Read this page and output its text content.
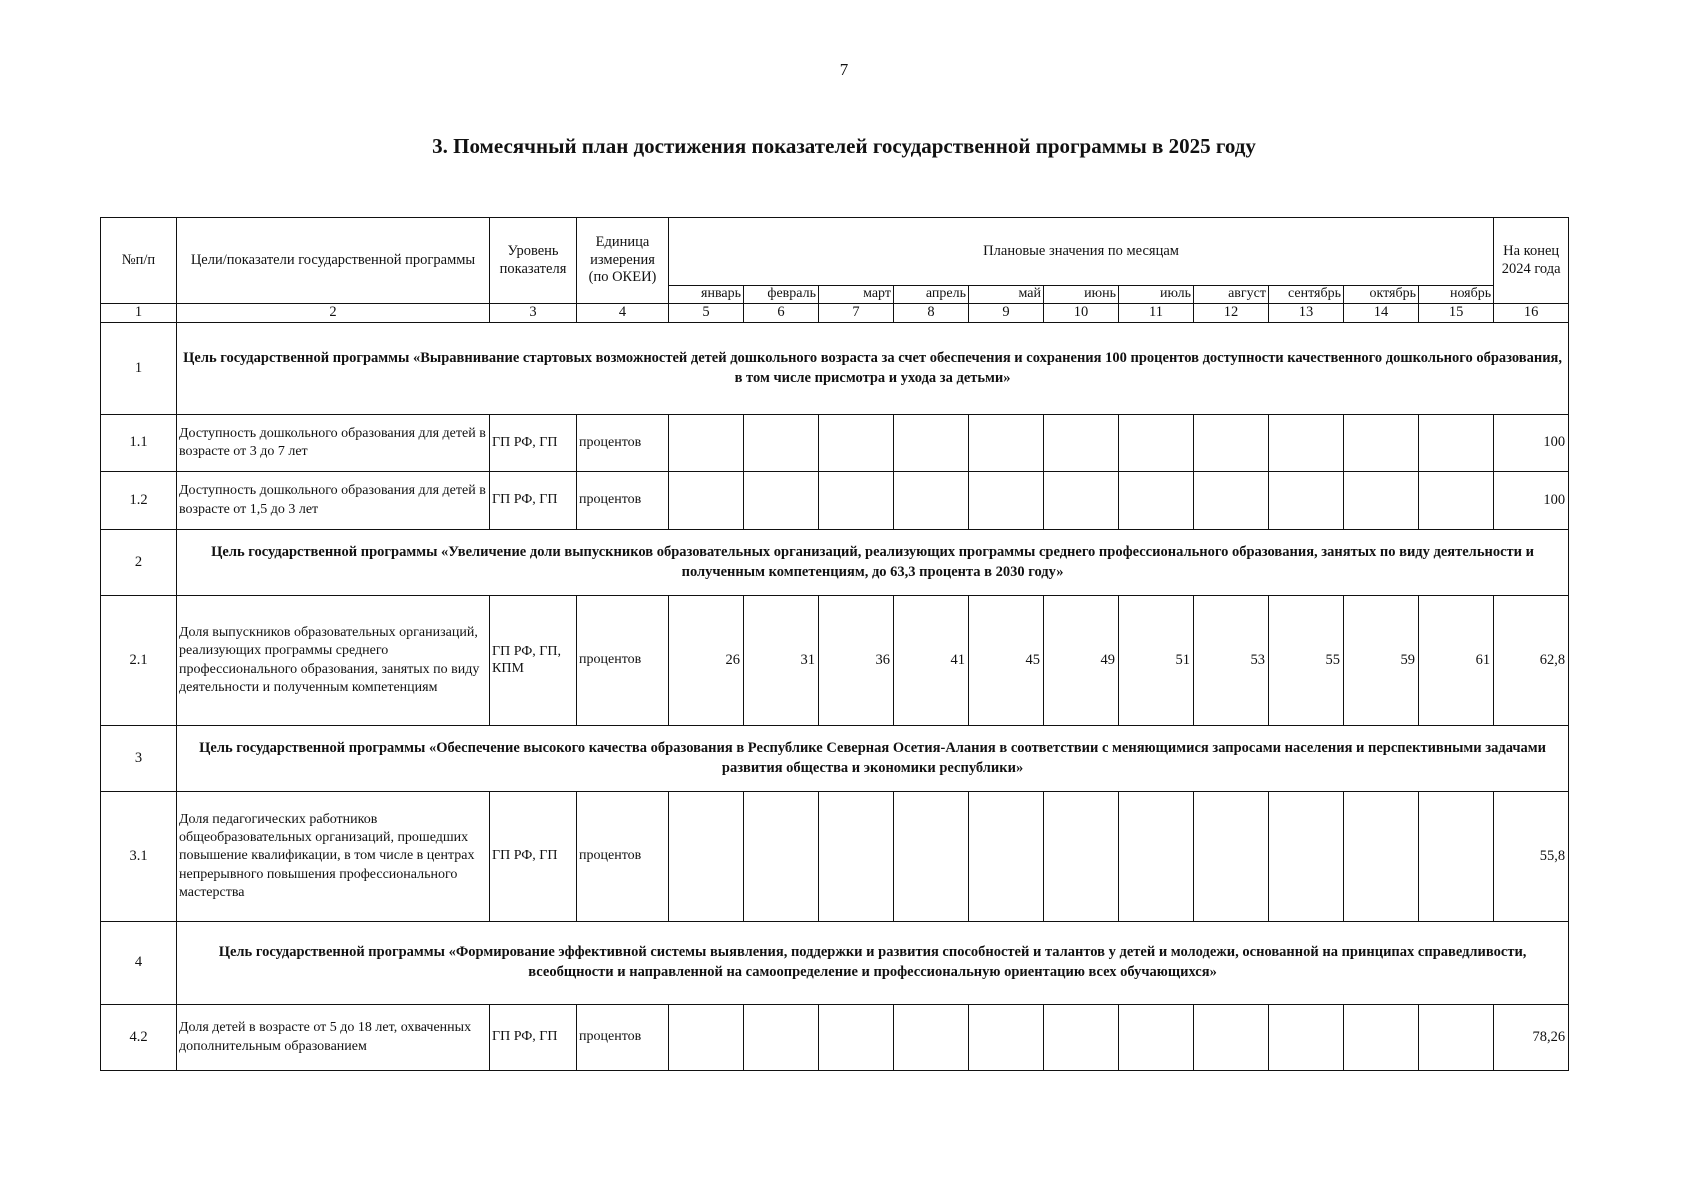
7
3. Помесячный план достижения показателей государственной программы в 2025 году
№п/п	Цели/показатели государственной программы	Уровень показателя	Единица измерения (по ОКЕИ)	Плановые значения по месяцам											На конец 2024 года
				январь	февраль	март	апрель	май	июнь	июль	август	сентябрь	октябрь	ноябрь	
1	2	3	4	5	6	7	8	9	10	11	12	13	14	15	16
1	Цель государственной программы «Выравнивание стартовых возможностей детей дошкольного возраста за счет обеспечения и сохранения 100 процентов доступности качественного дошкольного образования, в том числе присмотра и ухода за детьми»														
1.1	Доступность дошкольного образования для детей в возрасте от 3 до 7 лет	ГП РФ, ГП	процентов												100
1.2	Доступность дошкольного образования для детей в возрасте от 1,5 до 3 лет	ГП РФ, ГП	процентов												100
2	Цель государственной программы «Увеличение доли выпускников образовательных организаций, реализующих программы среднего профессионального образования, занятых по виду деятельности и полученным компетенциям, до 63,3 процента в 2030 году»														
2.1	Доля выпускников образовательных организаций, реализующих программы среднего профессионального образования, занятых по виду деятельности и полученным компетенциям	ГП РФ, ГП, КПМ	процентов	26	31	36	41	45	49	51	53	55	59	61	62,8
3	Цель государственной программы «Обеспечение высокого качества образования в Республике Северная Осетия-Алания в соответствии с меняющимися запросами населения и перспективными задачами развития общества и экономики республики»														
3.1	Доля педагогических работников общеобразовательных организаций, прошедших повышение квалификации, в том числе в центрах непрерывного повышения профессионального мастерства	ГП РФ, ГП	процентов												55,8
4	Цель государственной программы «Формирование эффективной системы выявления, поддержки и развития способностей и талантов у детей и молодежи, основанной на принципах справедливости, всеобщности и направленной на самоопределение и профессиональную ориентацию всех обучающихся»														
4.2	Доля детей в возрасте от 5 до 18 лет, охваченных дополнительным образованием	ГП РФ, ГП	процентов												78,26
